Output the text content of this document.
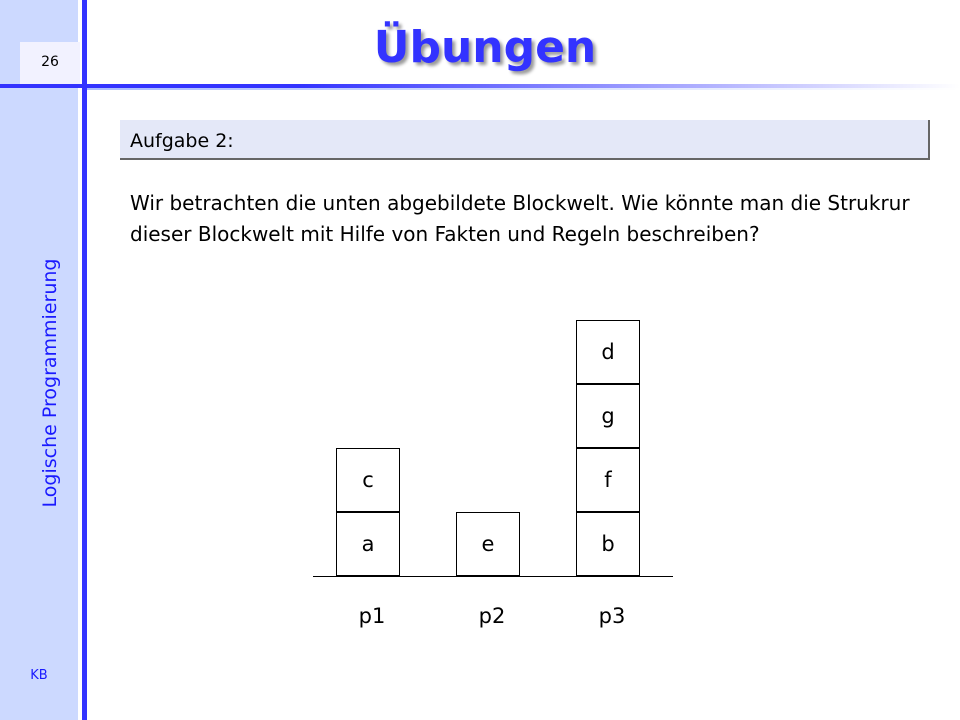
26
Logische Programmierung
KB
Übungen
Aufgabe 2:
Wir betrachten die unten abgebildete Blockwelt. Wie könnte man die Strukrur dieser Blockwelt mit Hilfe von Fakten und Regeln beschreiben?
c
a	e
d
g
f
b
p1	p2	p3
